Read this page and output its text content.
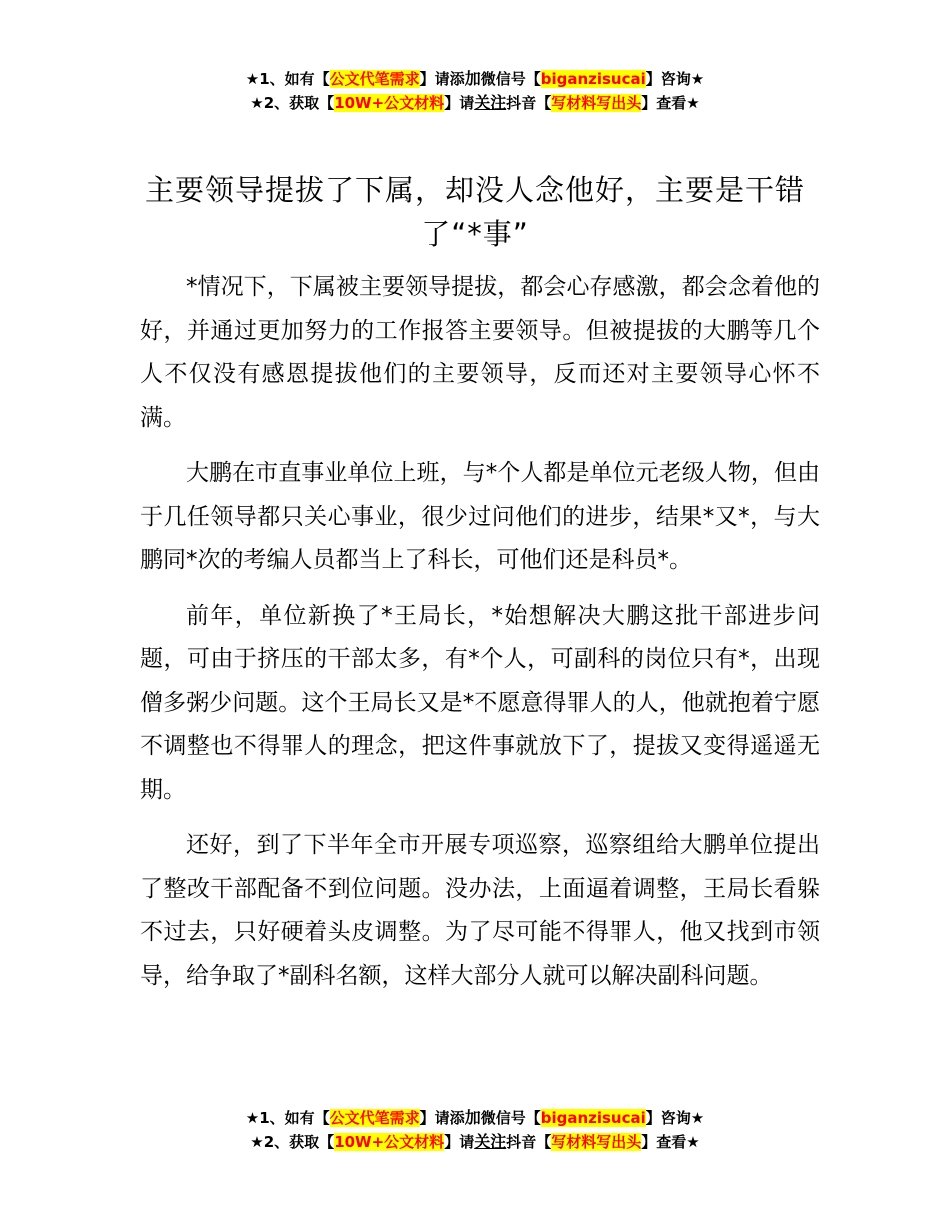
★1、如有【公文代笔需求】请添加微信号【biganzisucai】咨询★
★2、获取【10W+公文材料】请关注抖音【写材料写出头】查看★
主要领导提拔了下属，却没人念他好，主要是干错了“*事”

*情况下，下属被主要领导提拔，都会心存感激，都会念着他的好，并通过更加努力的工作报答主要领导。但被提拔的大鹏等几个人不仅没有感恩提拔他们的主要领导，反而还对主要领导心怀不满。

大鹏在市直事业单位上班，与*个人都是单位元老级人物，但由于几任领导都只关心事业，很少过问他们的进步，结果*又*，与大鹏同*次的考编人员都当上了科长，可他们还是科员*。

前年，单位新换了*王局长，*始想解决大鹏这批干部进步问题，可由于挤压的干部太多，有*个人，可副科的岗位只有*，出现僧多粥少问题。这个王局长又是*不愿意得罪人的人，他就抱着宁愿不调整也不得罪人的理念，把这件事就放下了，提拔又变得遥遥无期。

还好，到了下半年全市开展专项巡察，巡察组给大鹏单位提出了整改干部配备不到位问题。没办法，上面逼着调整，王局长看躲不过去，只好硬着头皮调整。为了尽可能不得罪人，他又找到市领导，给争取了*副科名额，这样大部分人就可以解决副科问题。

★1、如有【公文代笔需求】请添加微信号【biganzisucai】咨询★
★2、获取【10W+公文材料】请关注抖音【写材料写出头】查看★
